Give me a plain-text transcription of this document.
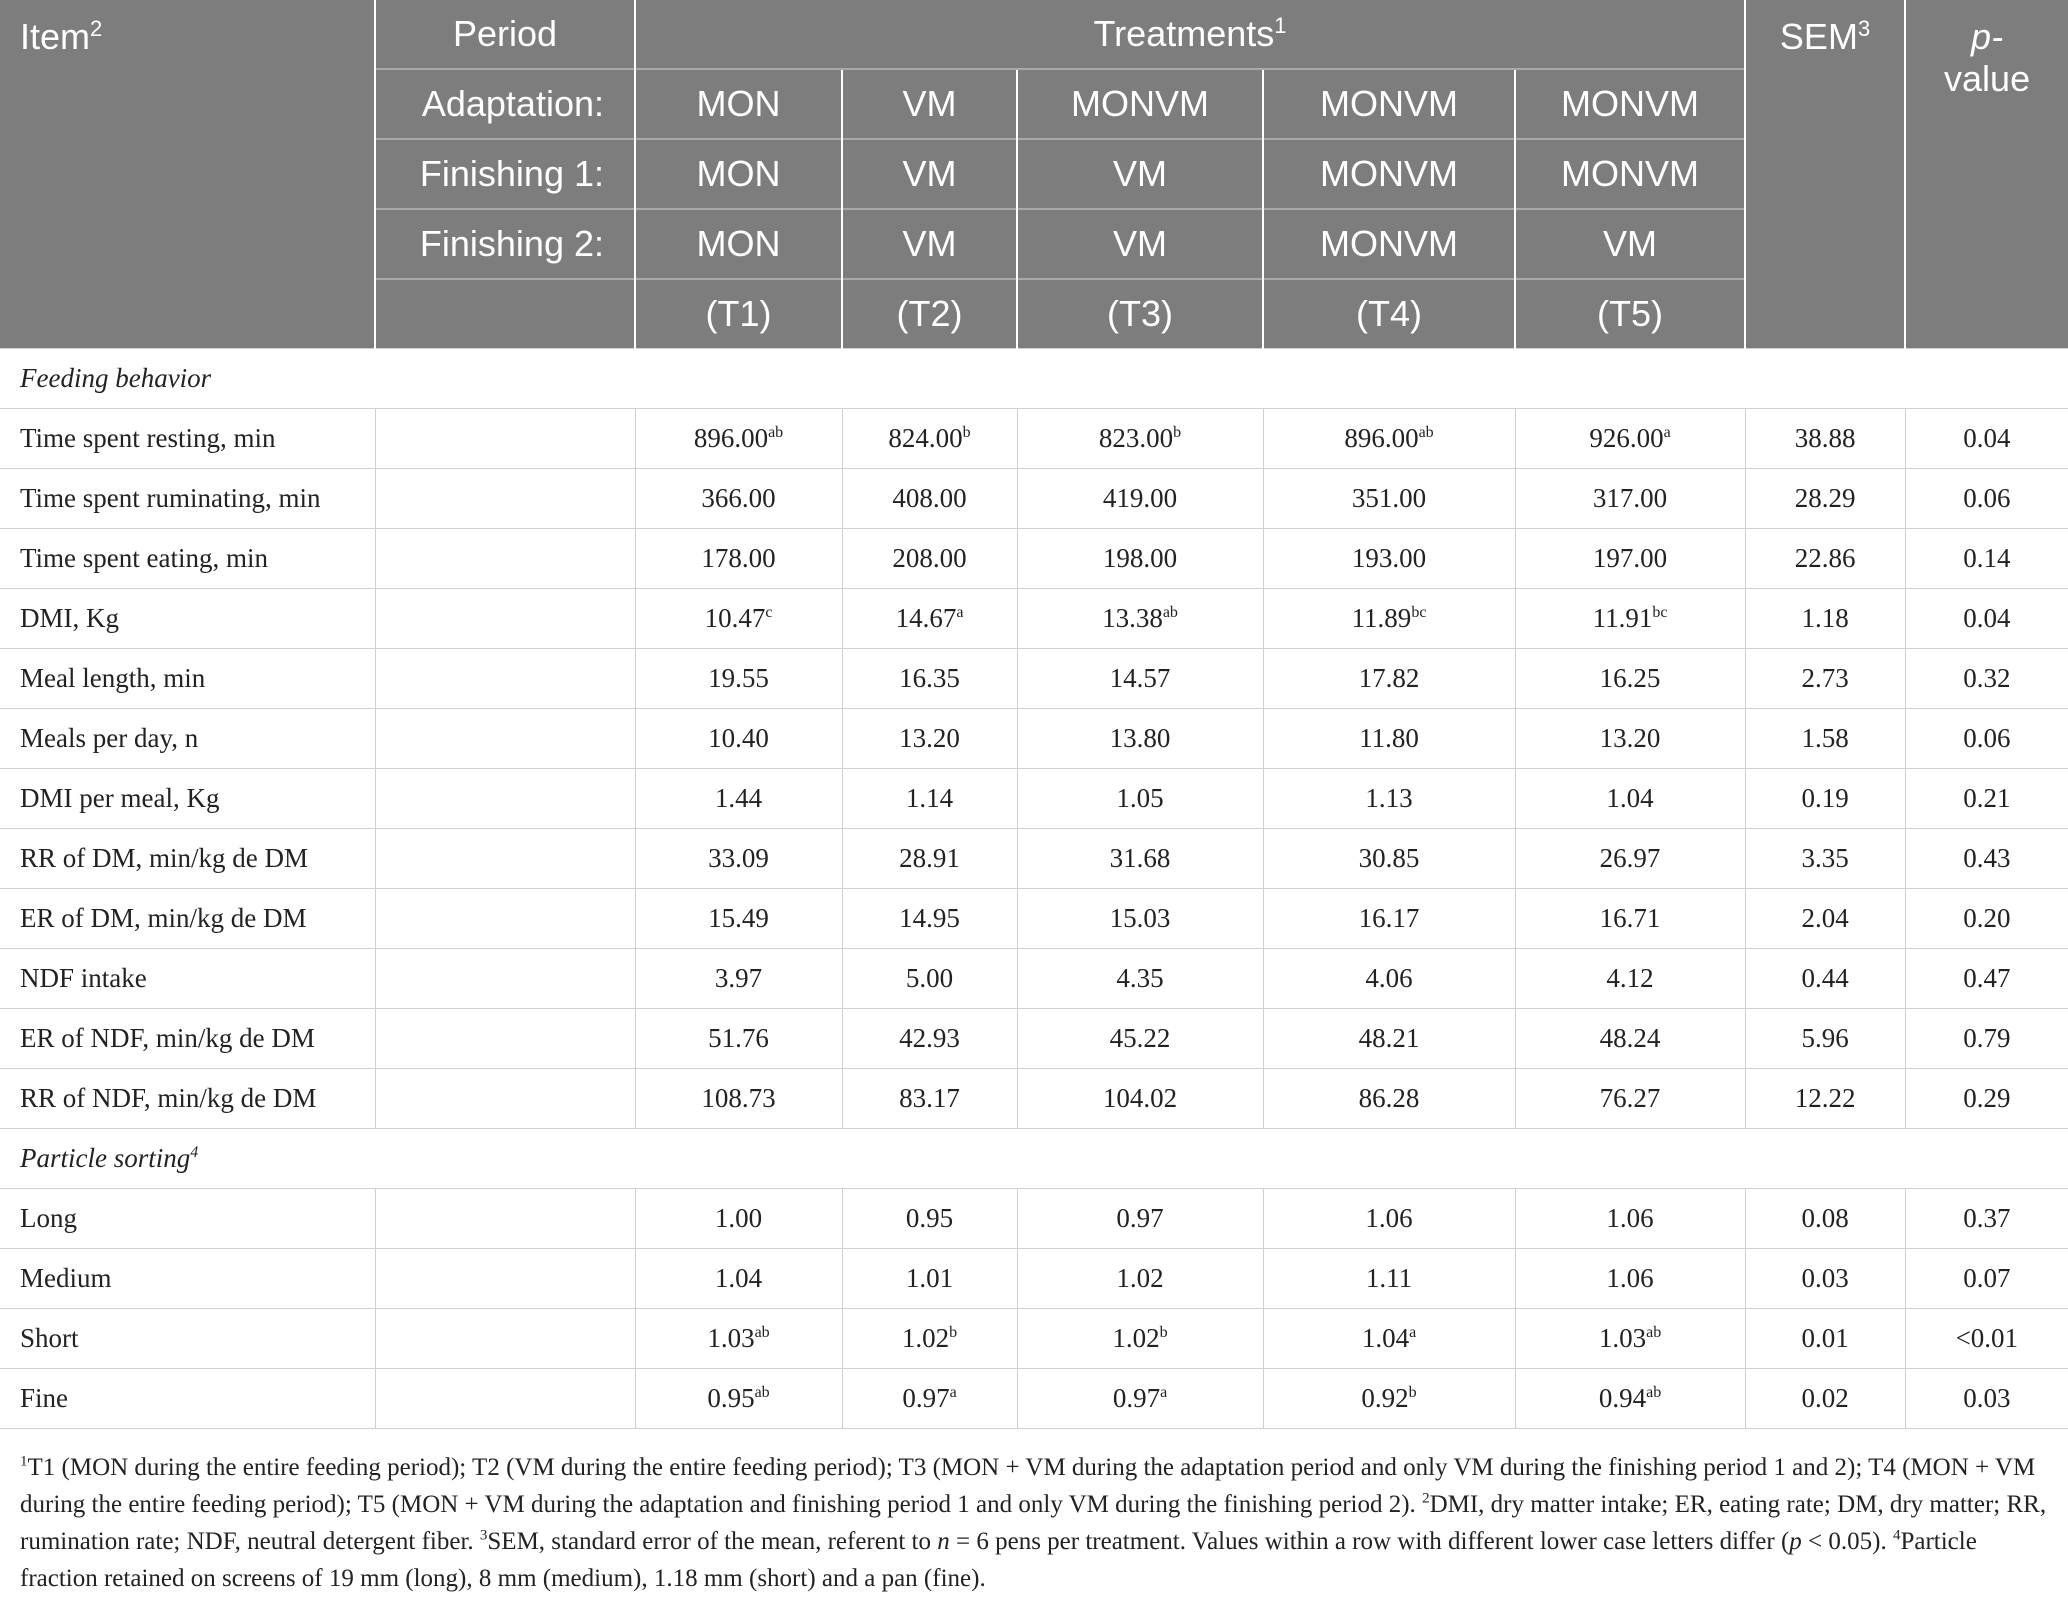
Item$^2$	Period	Treatments$^1$					SEM$^3$	p-
value
	Adaptation:	MON	VM	MONVM	MONVM	MONVM		
	Finishing 1:	MON	VM	VM	MONVM	MONVM		
	Finishing 2:	MON	VM	VM	MONVM	VM		
		(T1)	(T2)	(T3)	(T4)	(T5)		
Feeding behavior								
Time spent resting, min		896.00$^{ab}$	824.00$^b$	823.00$^b$	896.00$^{ab}$	926.00$^a$	38.88	0.04
Time spent ruminating, min		366.00	408.00	419.00	351.00	317.00	28.29	0.06
Time spent eating, min		178.00	208.00	198.00	193.00	197.00	22.86	0.14
DMI, Kg		10.47$^c$	14.67$^a$	13.38$^{ab}$	11.89$^{bc}$	11.91$^{bc}$	1.18	0.04
Meal length, min		19.55	16.35	14.57	17.82	16.25	2.73	0.32
Meals per day, n		10.40	13.20	13.80	11.80	13.20	1.58	0.06
DMI per meal, Kg		1.44	1.14	1.05	1.13	1.04	0.19	0.21
RR of DM, min/kg de DM		33.09	28.91	31.68	30.85	26.97	3.35	0.43
ER of DM, min/kg de DM		15.49	14.95	15.03	16.17	16.71	2.04	0.20
NDF intake		3.97	5.00	4.35	4.06	4.12	0.44	0.47
ER of NDF, min/kg de DM		51.76	42.93	45.22	48.21	48.24	5.96	0.79
RR of NDF, min/kg de DM		108.73	83.17	104.02	86.28	76.27	12.22	0.29
Particle sorting$^4$
Long		1.00	0.95	0.97	1.06	1.06	0.08	0.37
Medium		1.04	1.01	1.02	1.11	1.06	0.03	0.07
Short		1.03$^{ab}$	1.02$^b$	1.02$^b$	1.04$^a$	1.03$^{ab}$	0.01	<0.01
Fine		0.95$^{ab}$	0.97$^a$	0.97$^a$	0.92$^b$	0.94$^{ab}$	0.02	0.03
$^1$T1 (MON during the entire feeding period); T2 (VM during the entire feeding period); T3 (MON + VM during the adaptation period and only VM during the finishing period 1 and 2); T4 (MON + VM during the entire feeding period); T5 (MON + VM during the adaptation and finishing period 1 and only VM during the finishing period 2). $^2$DMI, dry matter intake; ER, eating rate; DM, dry matter; RR, rumination rate; NDF, neutral detergent fiber. $^3$SEM, standard error of the mean, referent to n = 6 pens per treatment. Values within a row with different lower case letters differ (p < 0.05). $^4$Particle fraction retained on screens of 19 mm (long), 8 mm (medium), 1.18 mm (short) and a pan (fine).
